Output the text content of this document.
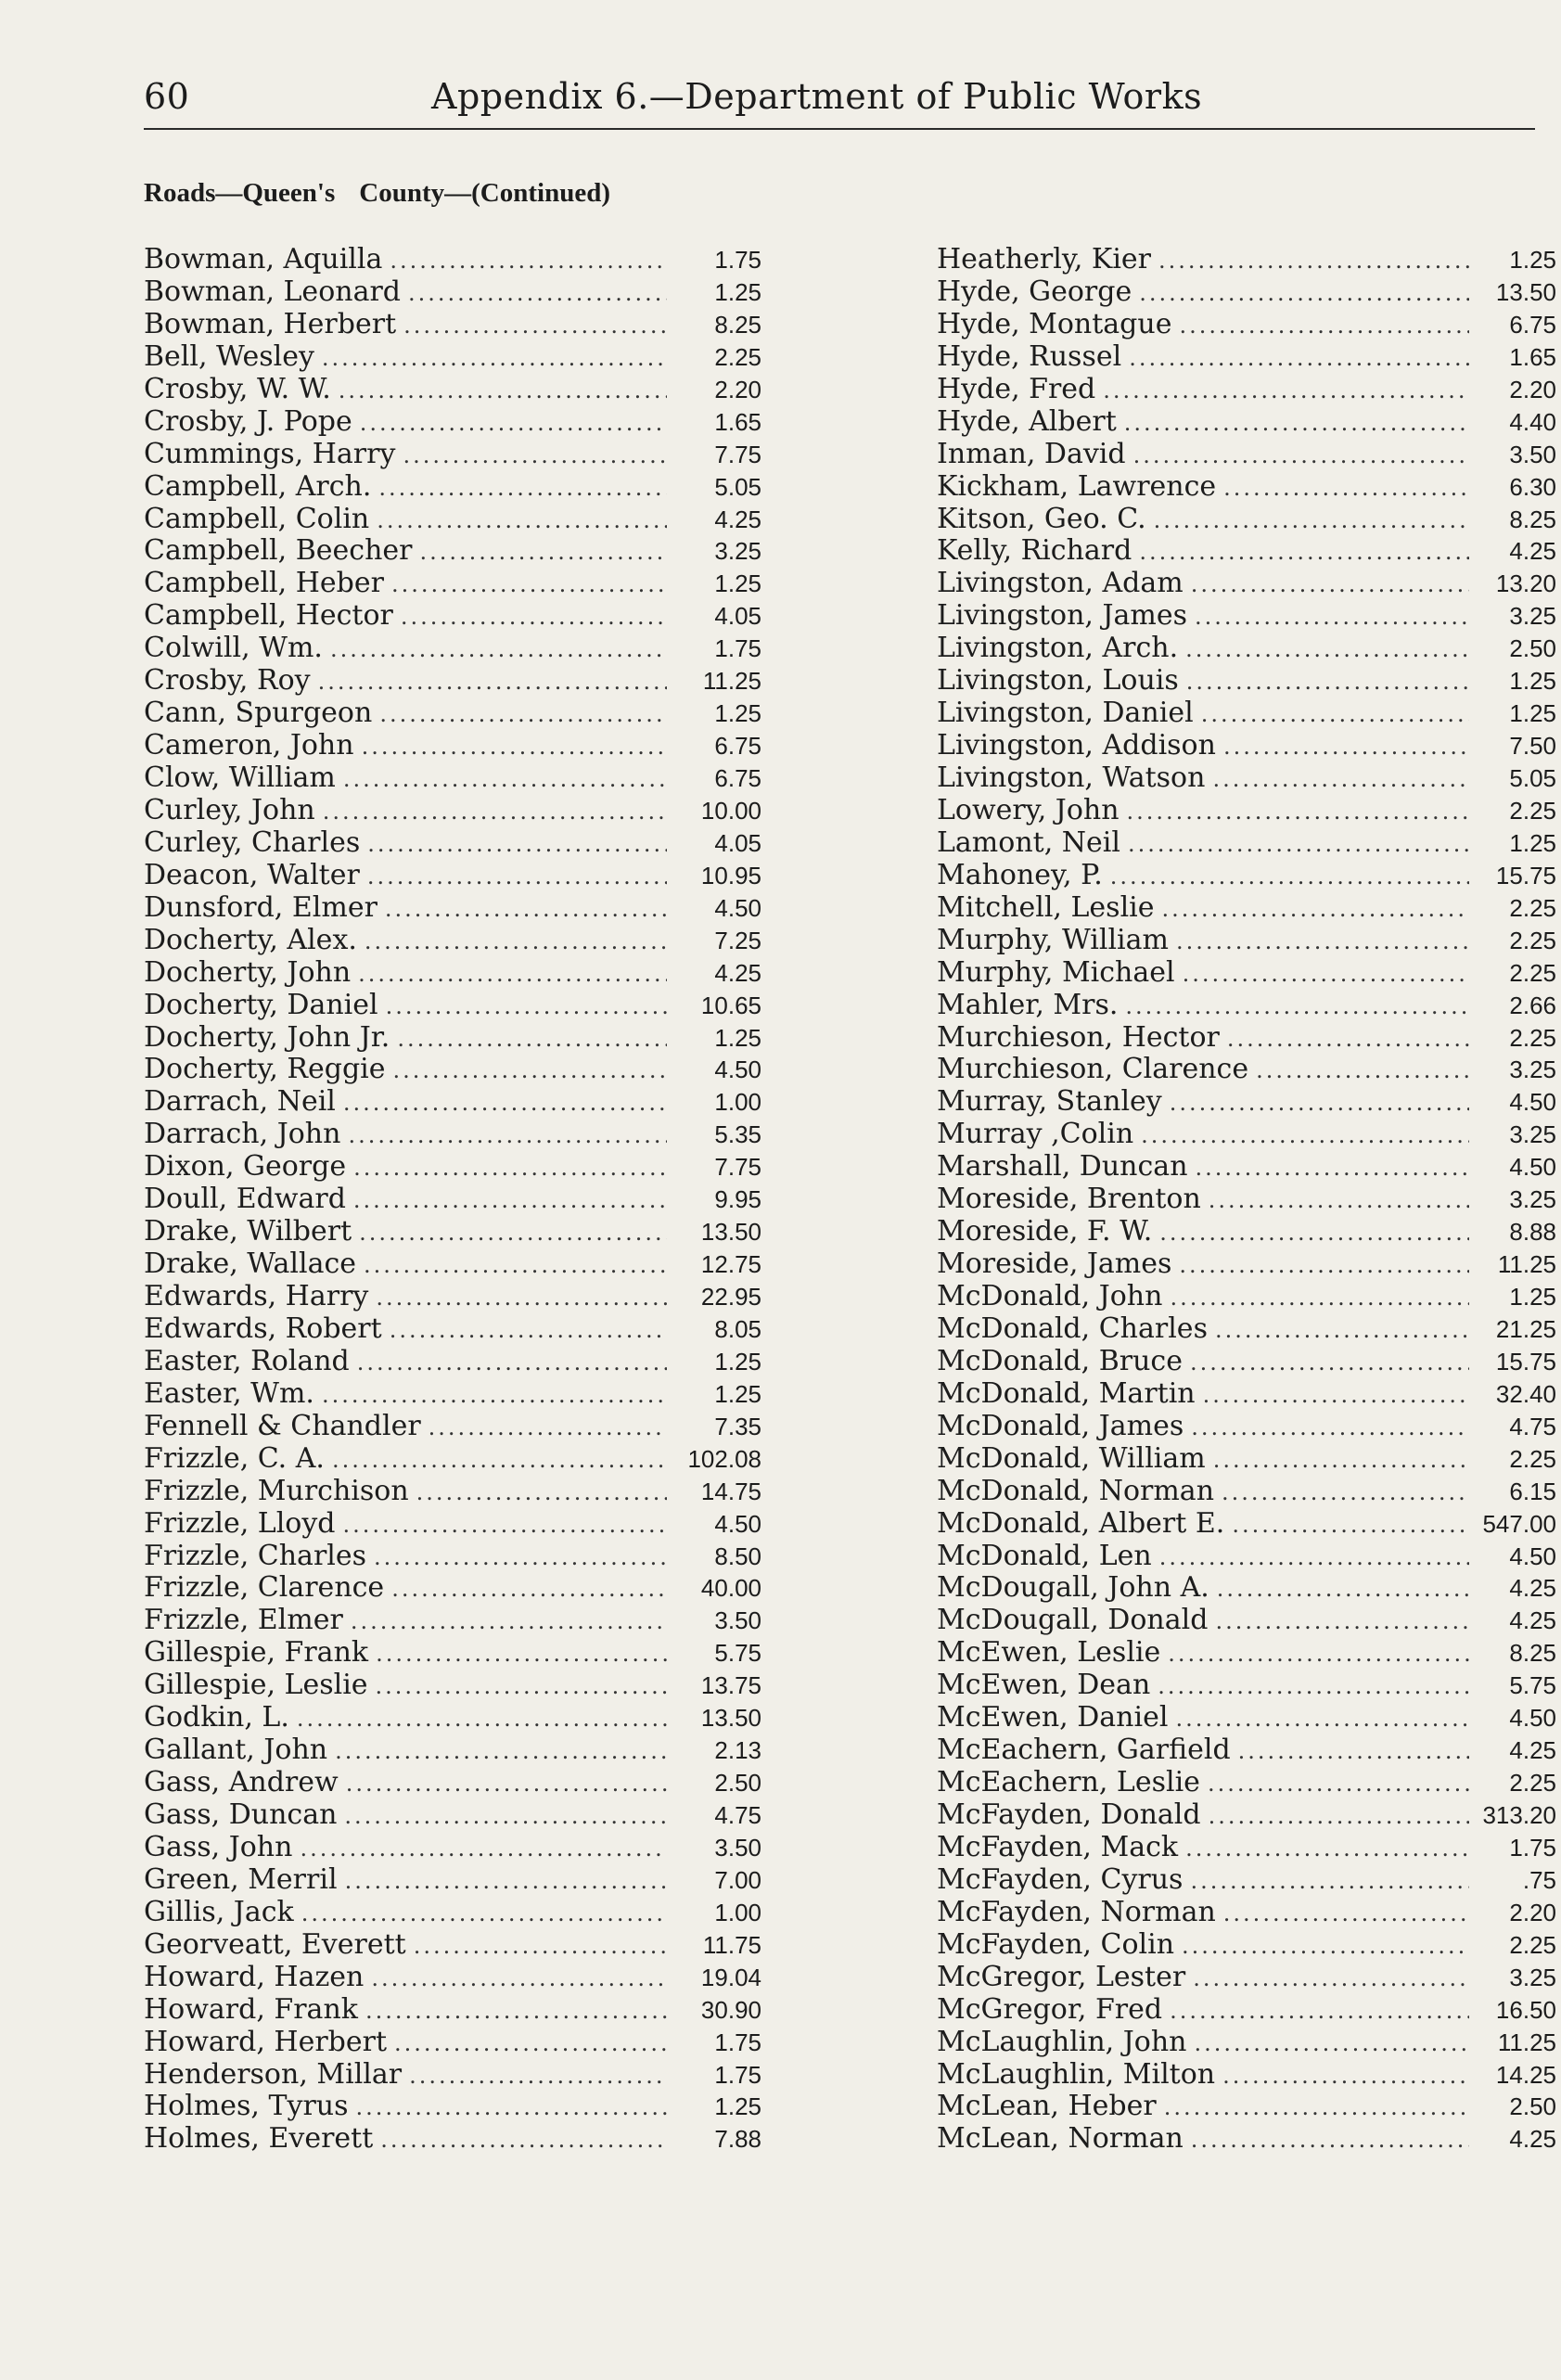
60	Appendix 6.—Department of Public Works
Roads—Queen's County—(Continued)
Bowman, Aquilla .....	1.75
Bowman, Leonard .....	1.25
Bowman, Herbert .....	8.25
Bell, Wesley .....	2.25
Crosby, W. W. .....	2.20
Crosby, J. Pope .....	1.65
Cummings, Harry .....	7.75
Campbell, Arch. .....	5.05
Campbell, Colin .....	4.25
Campbell, Beecher .....	3.25
Campbell, Heber .....	1.25
Campbell, Hector .....	4.05
Colwill, Wm. .....	1.75
Crosby, Roy .....	11.25
Cann, Spurgeon .....	1.25
Cameron, John .....	6.75
Clow, William .....	6.75
Curley, John .....	10.00
Curley, Charles .....	4.05
Deacon, Walter .....	10.95
Dunsford, Elmer .....	4.50
Docherty, Alex. .....	7.25
Docherty, John .....	4.25
Docherty, Daniel .....	10.65
Docherty, John Jr. .....	1.25
Docherty, Reggie .....	4.50
Darrach, Neil .....	1.00
Darrach, John .....	5.35
Dixon, George .....	7.75
Doull, Edward .....	9.95
Drake, Wilbert .....	13.50
Drake, Wallace .....	12.75
Edwards, Harry .....	22.95
Edwards, Robert .....	8.05
Easter, Roland .....	1.25
Easter, Wm. .....	1.25
Fennell & Chandler .....	7.35
Frizzle, C. A. .....	102.08
Frizzle, Murchison .....	14.75
Frizzle, Lloyd .....	4.50
Frizzle, Charles .....	8.50
Frizzle, Clarence .....	40.00
Frizzle, Elmer .....	3.50
Gillespie, Frank .....	5.75
Gillespie, Leslie .....	13.75
Godkin, L. .....	13.50
Gallant, John .....	2.13
Gass, Andrew .....	2.50
Gass, Duncan .....	4.75
Gass, John .....	3.50
Green, Merril .....	7.00
Gillis, Jack .....	1.00
Georveatt, Everett .....	11.75
Howard, Hazen .....	19.04
Howard, Frank .....	30.90
Howard, Herbert .....	1.75
Henderson, Millar .....	1.75
Holmes, Tyrus .....	1.25
Holmes, Everett .....	7.88
Heatherly, Kier .....	1.25
Hyde, George .....	13.50
Hyde, Montague .....	6.75
Hyde, Russel .....	1.65
Hyde, Fred .....	2.20
Hyde, Albert .....	4.40
Inman, David .....	3.50
Kickham, Lawrence .....	6.30
Kitson, Geo. C. .....	8.25
Kelly, Richard .....	4.25
Livingston, Adam .....	13.20
Livingston, James .....	3.25
Livingston, Arch. .....	2.50
Livingston, Louis .....	1.25
Livingston, Daniel .....	1.25
Livingston, Addison .....	7.50
Livingston, Watson .....	5.05
Lowery, John .....	2.25
Lamont, Neil .....	1.25
Mahoney, P. .....	15.75
Mitchell, Leslie .....	2.25
Murphy, William .....	2.25
Murphy, Michael .....	2.25
Mahler, Mrs. .....	2.66
Murchieson, Hector .....	2.25
Murchieson, Clarence .....	3.25
Murray, Stanley .....	4.50
Murray ,Colin .....	3.25
Marshall, Duncan .....	4.50
Moreside, Brenton .....	3.25
Moreside, F. W. .....	8.88
Moreside, James .....	11.25
McDonald, John .....	1.25
McDonald, Charles .....	21.25
McDonald, Bruce .....	15.75
McDonald, Martin .....	32.40
McDonald, James .....	4.75
McDonald, William .....	2.25
McDonald, Norman .....	6.15
McDonald, Albert E. .....	547.00
McDonald, Len .....	4.50
McDougall, John A. .....	4.25
McDougall, Donald .....	4.25
McEwen, Leslie .....	8.25
McEwen, Dean .....	5.75
McEwen, Daniel .....	4.50
McEachern, Garfield .....	4.25
McEachern, Leslie .....	2.25
McFayden, Donald .....	313.20
McFayden, Mack .....	1.75
McFayden, Cyrus .....	.75
McFayden, Norman .....	2.20
McFayden, Colin .....	2.25
McGregor, Lester .....	3.25
McGregor, Fred .....	16.50
McLaughlin, John .....	11.25
McLaughlin, Milton .....	14.25
McLean, Heber .....	2.50
McLean, Norman .....	4.25
